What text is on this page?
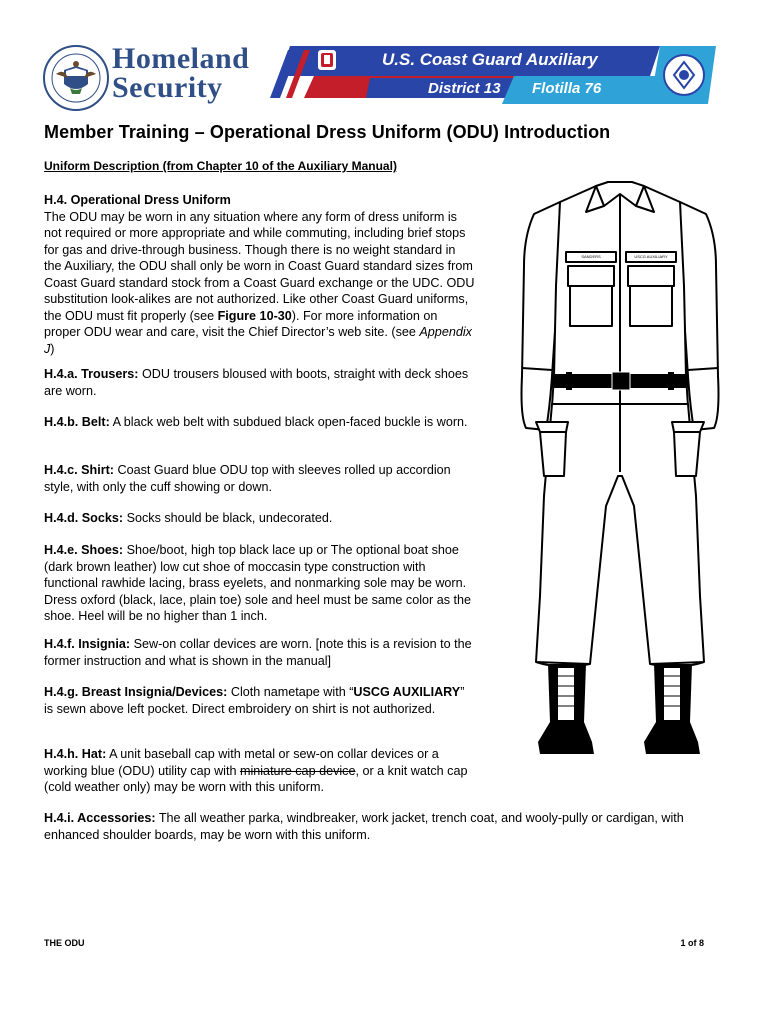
Homeland
Security
U.S. Coast Guard Auxiliary
District 13 Flotilla 76
Member Training – Operational Dress Uniform (ODU) Introduction
Uniform Description (from Chapter 10 of the Auxiliary Manual)
H.4. Operational Dress Uniform
The ODU may be worn in any situation where any form of dress uniform is not required or more appropriate and while commuting, including brief stops for gas and drive-through business. Though there is no weight standard in the Auxiliary, the ODU shall only be worn in Coast Guard standard sizes from Coast Guard standard stock from a Coast Guard exchange or the UDC. ODU substitution look-alikes are not authorized. Like other Coast Guard uniforms, the ODU must fit properly (see Figure 10-30). For more information on proper ODU wear and care, visit the Chief Director’s web site. (see Appendix J)
H.4.a. Trousers: ODU trousers bloused with boots, straight with deck shoes are worn.
H.4.b. Belt: A black web belt with subdued black open-faced buckle is worn.
H.4.c. Shirt: Coast Guard blue ODU top with sleeves rolled up accordion style, with only the cuff showing or down.
H.4.d. Socks: Socks should be black, undecorated.
H.4.e. Shoes: Shoe/boot, high top black lace up or The optional boat shoe (dark brown leather) low cut shoe of moccasin type construction with functional rawhide lacing, brass eyelets, and nonmarking sole may be worn. Dress oxford (black, lace, plain toe) sole and heel must be same color as the shoe. Heel will be no higher than 1 inch.
H.4.f. Insignia: Sew-on collar devices are worn. [note this is a revision to the former instruction and what is shown in the manual]
H.4.g. Breast Insignia/Devices: Cloth nametape with “USCG AUXILIARY” is sewn above left pocket. Direct embroidery on shirt is not authorized.
H.4.h. Hat: A unit baseball cap with metal or sew-on collar devices or a working blue (ODU) utility cap with miniature cap device, or a knit watch cap (cold weather only) may be worn with this uniform.
H.4.i. Accessories: The all weather parka, windbreaker, work jacket, trench coat, and wooly-pully or cardigan, with enhanced shoulder boards, may be worn with this uniform.
SANDERS	USCG AUXILIARY
THE ODU	1 of 8
